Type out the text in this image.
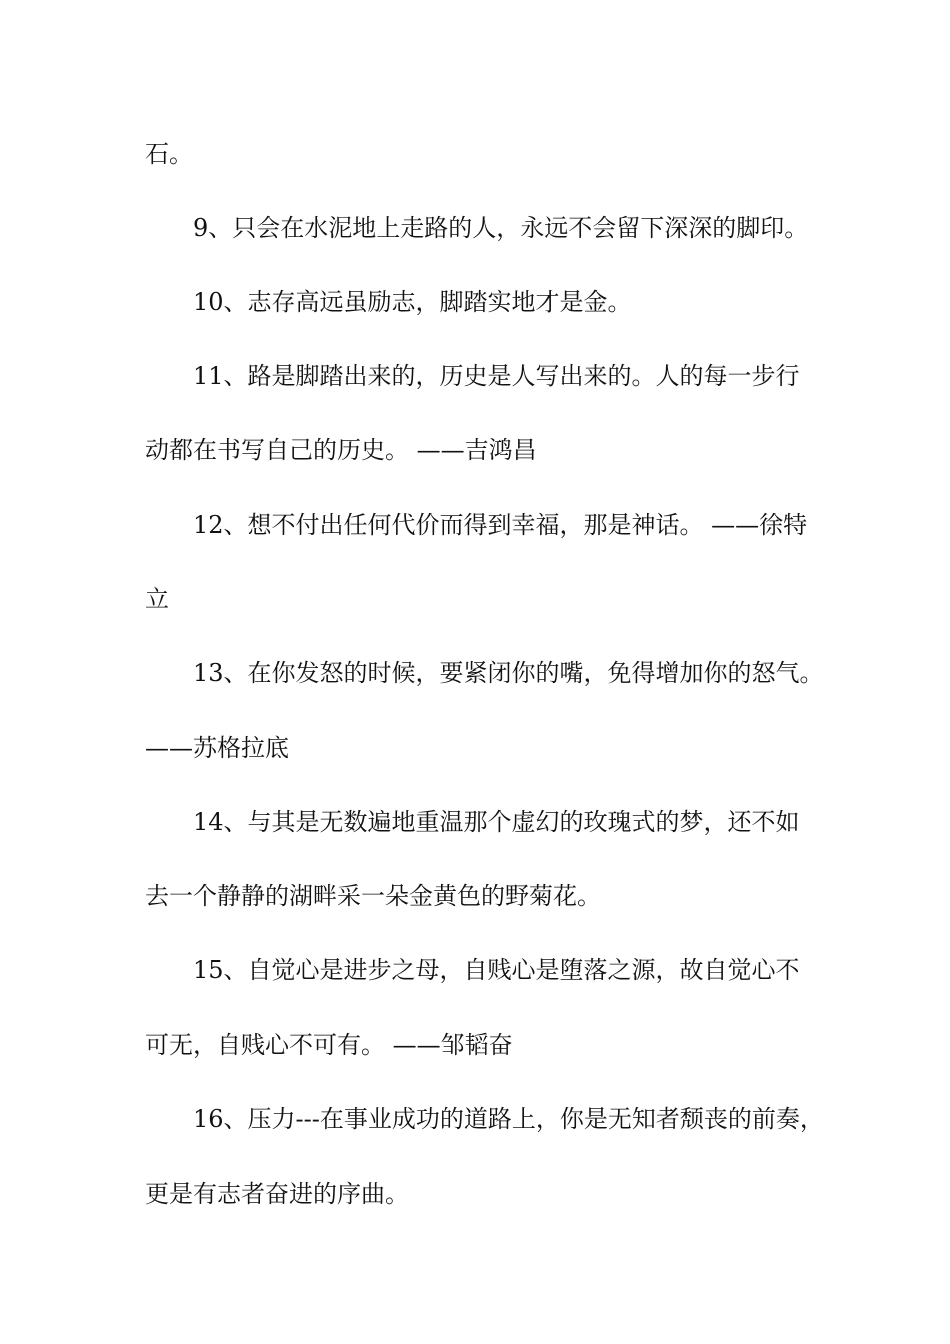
石。
9、只会在水泥地上走路的人，永远不会留下深深的脚印。
10、志存高远虽励志，脚踏实地才是金。
11、路是脚踏出来的，历史是人写出来的。人的每一步行
动都在书写自己的历史。 ——吉鸿昌
12、想不付出任何代价而得到幸福，那是神话。 ——徐特
立
13、在你发怒的时候，要紧闭你的嘴，免得增加你的怒气。
——苏格拉底
14、与其是无数遍地重温那个虚幻的玫瑰式的梦，还不如
去一个静静的湖畔采一朵金黄色的野菊花。
15、自觉心是进步之母，自贱心是堕落之源，故自觉心不
可无，自贱心不可有。 ——邹韬奋
16、压力---在事业成功的道路上，你是无知者颓丧的前奏，
更是有志者奋进的序曲。
